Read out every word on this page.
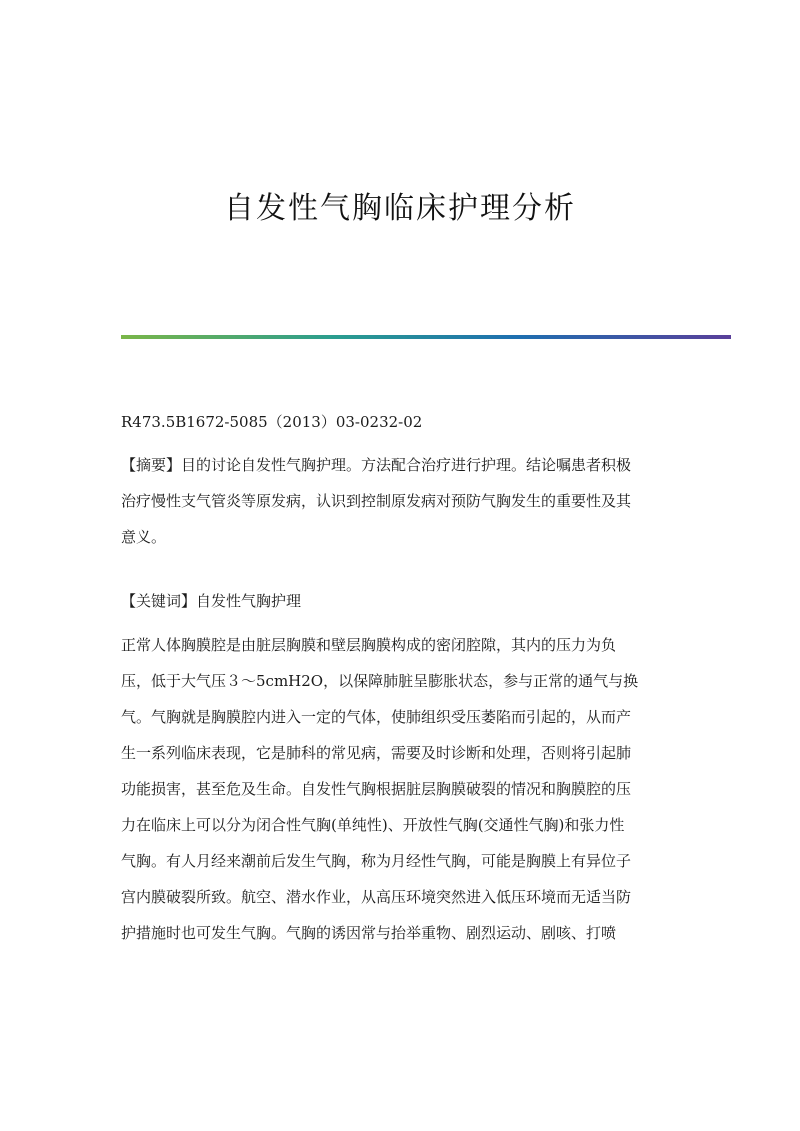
自发性气胸临床护理分析
R473.5B1672-5085（2013）03-0232-02
【摘要】目的讨论自发性气胸护理。方法配合治疗进行护理。结论嘱患者积极
治疗慢性支气管炎等原发病，认识到控制原发病对预防气胸发生的重要性及其
意义。
【关键词】自发性气胸护理
正常人体胸膜腔是由脏层胸膜和壁层胸膜构成的密闭腔隙，其内的压力为负
压，低于大气压３～5cmH2O，以保障肺脏呈膨胀状态，参与正常的通气与换
气。气胸就是胸膜腔内进入一定的气体，使肺组织受压萎陷而引起的，从而产
生一系列临床表现，它是肺科的常见病，需要及时诊断和处理，否则将引起肺
功能损害，甚至危及生命。自发性气胸根据脏层胸膜破裂的情况和胸膜腔的压
力在临床上可以分为闭合性气胸(单纯性)、开放性气胸(交通性气胸)和张力性
气胸。有人月经来潮前后发生气胸，称为月经性气胸，可能是胸膜上有异位子
宫内膜破裂所致。航空、潜水作业，从高压环境突然进入低压环境而无适当防
护措施时也可发生气胸。气胸的诱因常与抬举重物、剧烈运动、剧咳、打喷
